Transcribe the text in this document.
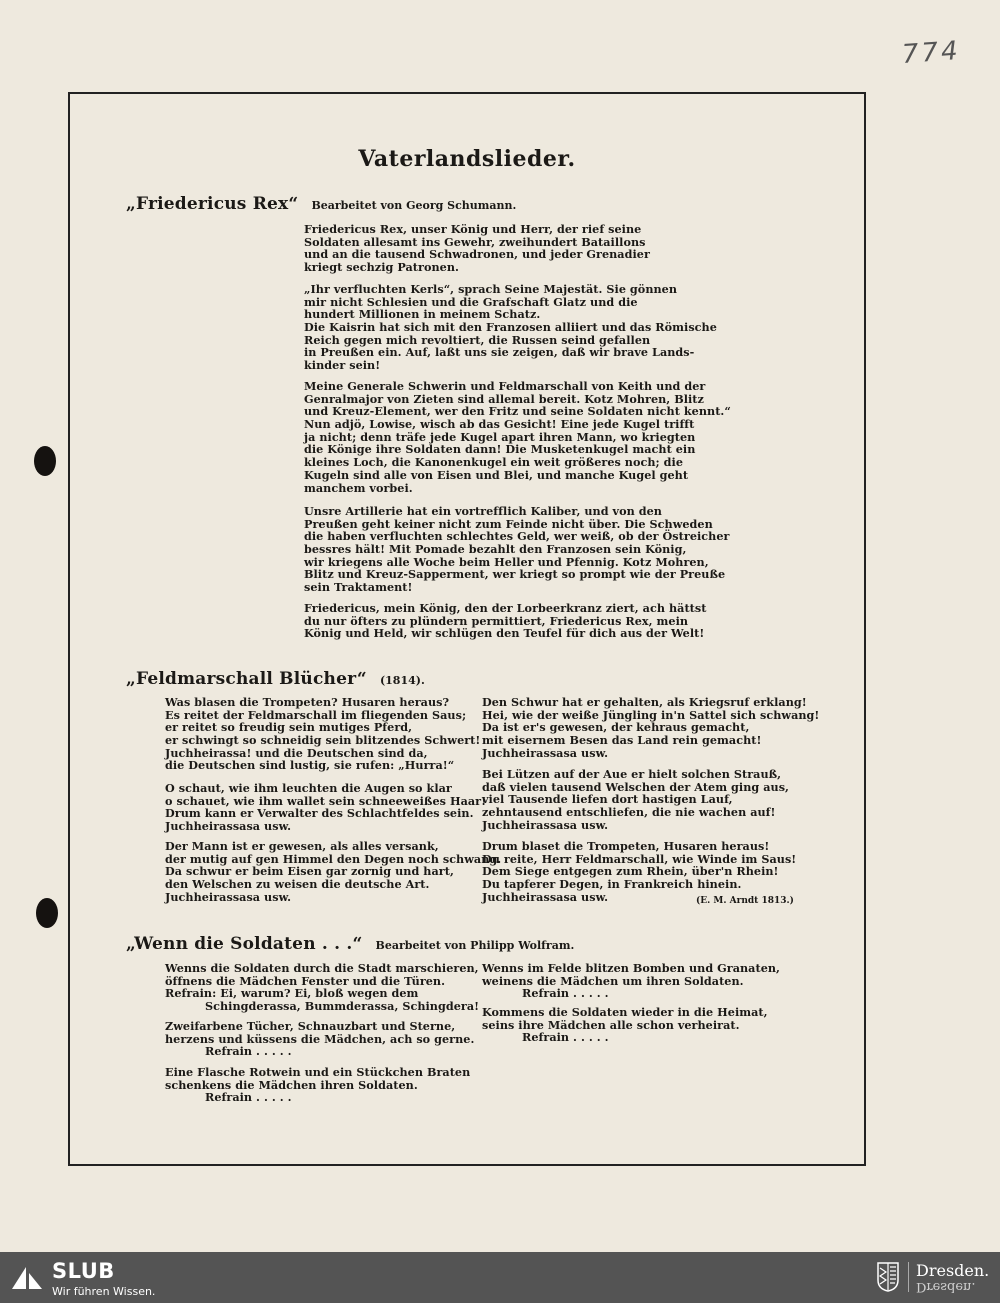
774
Vaterlandslieder.
„Friedericus Rex“ Bearbeitet von Georg Schumann.
Friedericus Rex, unser König und Herr, der rief seine
Soldaten allesamt ins Gewehr, zweihundert Bataillons
und an die tausend Schwadronen, und jeder Grenadier
kriegt sechzig Patronen.
„Ihr verfluchten Kerls“, sprach Seine Majestät. Sie gönnen
mir nicht Schlesien und die Grafschaft Glatz und die
hundert Millionen in meinem Schatz.
Die Kaisrin hat sich mit den Franzosen alliiert und das Römische
Reich gegen mich revoltiert, die Russen seind gefallen
in Preußen ein. Auf, laßt uns sie zeigen, daß wir brave Lands-
kinder sein!
Meine Generale Schwerin und Feldmarschall von Keith und der
Genralmajor von Zieten sind allemal bereit. Kotz Mohren, Blitz
und Kreuz-Element, wer den Fritz und seine Soldaten nicht kennt.“
Nun adjö, Lowise, wisch ab das Gesicht! Eine jede Kugel trifft
ja nicht; denn träfe jede Kugel apart ihren Mann, wo kriegten
die Könige ihre Soldaten dann! Die Musketenkugel macht ein
kleines Loch, die Kanonenkugel ein weit größeres noch; die
Kugeln sind alle von Eisen und Blei, und manche Kugel geht
manchem vorbei.
Unsre Artillerie hat ein vortrefflich Kaliber, und von den
Preußen geht keiner nicht zum Feinde nicht über. Die Schweden
die haben verfluchten schlechtes Geld, wer weiß, ob der Östreicher
bessres hält! Mit Pomade bezahlt den Franzosen sein König,
wir kriegens alle Woche beim Heller und Pfennig. Kotz Mohren,
Blitz und Kreuz-Sapperment, wer kriegt so prompt wie der Preuße
sein Traktament!
Friedericus, mein König, den der Lorbeerkranz ziert, ach hättst
du nur öfters zu plündern permittiert, Friedericus Rex, mein
König und Held, wir schlügen den Teufel für dich aus der Welt!
„Feldmarschall Blücher“ (1814).
Was blasen die Trompeten? Husaren heraus?
Es reitet der Feldmarschall im fliegenden Saus;
er reitet so freudig sein mutiges Pferd,
er schwingt so schneidig sein blitzendes Schwert!
Juchheirassa! und die Deutschen sind da,
die Deutschen sind lustig, sie rufen: „Hurra!“
O schaut, wie ihm leuchten die Augen so klar
o schauet, wie ihm wallet sein schneeweißes Haar!
Drum kann er Verwalter des Schlachtfeldes sein.
Juchheirassasa usw.
Der Mann ist er gewesen, als alles versank,
der mutig auf gen Himmel den Degen noch schwang.
Da schwur er beim Eisen gar zornig und hart,
den Welschen zu weisen die deutsche Art.
Juchheirassasa usw.
Den Schwur hat er gehalten, als Kriegsruf erklang!
Hei, wie der weiße Jüngling in'n Sattel sich schwang!
Da ist er's gewesen, der kehraus gemacht,
mit eisernem Besen das Land rein gemacht!
Juchheirassasa usw.
Bei Lützen auf der Aue er hielt solchen Strauß,
daß vielen tausend Welschen der Atem ging aus,
viel Tausende liefen dort hastigen Lauf,
zehntausend entschliefen, die nie wachen auf!
Juchheirassasa usw.
Drum blaset die Trompeten, Husaren heraus!
Du reite, Herr Feldmarschall, wie Winde im Saus!
Dem Siege entgegen zum Rhein, über'n Rhein!
Du tapferer Degen, in Frankreich hinein.
Juchheirassasa usw.	(E. M. Arndt 1813.)
„Wenn die Soldaten . . .“ Bearbeitet von Philipp Wolfram.
Wenns die Soldaten durch die Stadt marschieren,
öffnens die Mädchen Fenster und die Türen.
Refrain: Ei, warum? Ei, bloß wegen dem
Schingderassa, Bummderassa, Schingdera!
Zweifarbene Tücher, Schnauzbart und Sterne,
herzens und küssens die Mädchen, ach so gerne.
Refrain . . . . .
Eine Flasche Rotwein und ein Stückchen Braten
schenkens die Mädchen ihren Soldaten.
Refrain . . . . .
Wenns im Felde blitzen Bomben und Granaten,
weinens die Mädchen um ihren Soldaten.
Refrain . . . . .
Kommens die Soldaten wieder in die Heimat,
seins ihre Mädchen alle schon verheirat.
Refrain . . . . .
SLUB
Wir führen Wissen.
Dresden.
Dresden.
